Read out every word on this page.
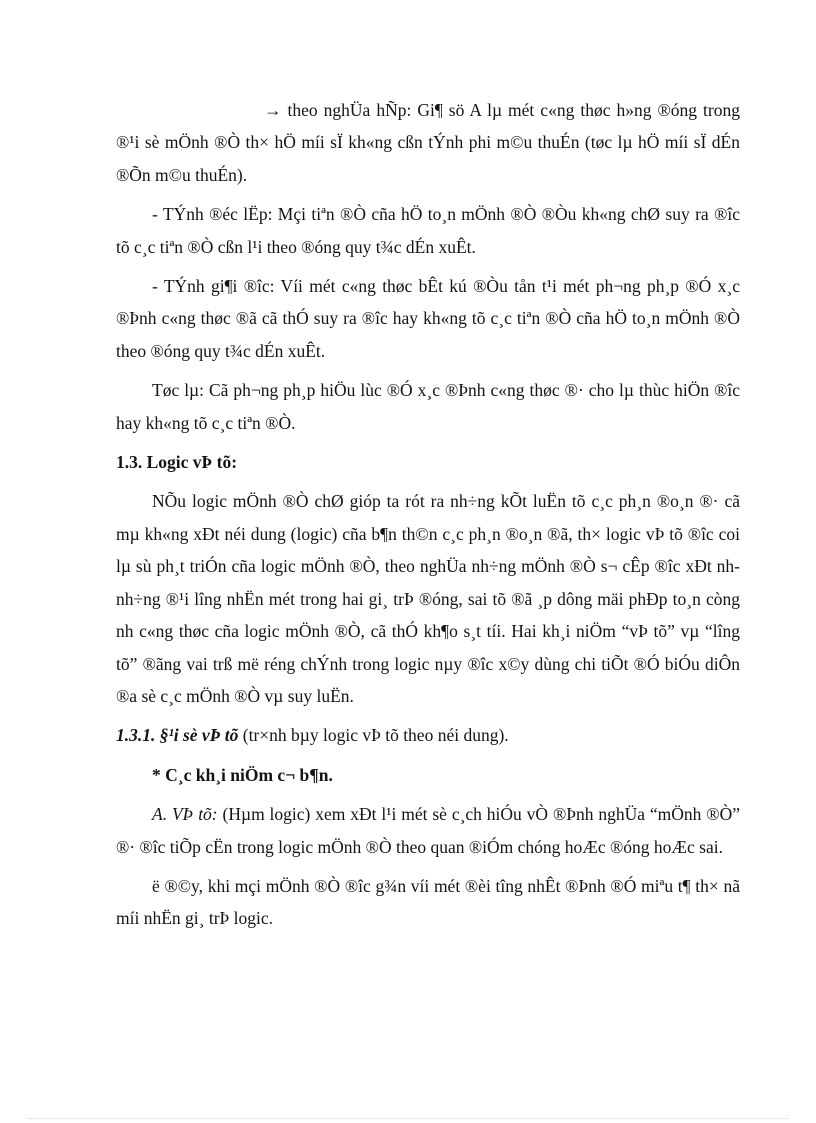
→ theo nghÜa hÑp: Gi¶ sö A lµ mét c«ng thøc h»ng ®óng trong ®¹i sè mÖnh ®Ò th× hÖ míi sÏ kh«ng cßn tÝnh phi m©u thuÉn (tøc lµ hÖ míi sÏ dÉn ®Õn m©u thuÉn).

- TÝnh ®éc lËp: Mçi tiªn ®Ò cña hÖ to¸n mÖnh ®Ò ®Òu kh«ng chØ suy ra ®îc tõ c¸c tiªn ®Ò cßn l¹i theo ®óng quy t¾c dÉn xuÊt.

- TÝnh gi¶i ®îc: Víi mét c«ng thøc bÊt kú ®Òu tån t¹i mét ph¬ng ph¸p ®Ó x¸c ®Þnh c«ng thøc ®ã cã thÓ suy ra ®îc hay kh«ng tõ c¸c tiªn ®Ò cña hÖ to¸n mÖnh ®Ò theo ®óng quy t¾c dÉn xuÊt.

Tøc lµ: Cã ph¬ng ph¸p hiÖu lùc ®Ó x¸c ®Þnh c«ng thøc ®· cho lµ thùc hiÖn ®îc hay kh«ng tõ c¸c tiªn ®Ò.

1.3. Logic vÞ tõ:

NÕu logic mÖnh ®Ò chØ gióp ta rót ra nh÷ng kÕt luËn tõ c¸c ph¸n ®o¸n ®· cã mµ kh«ng xÐt néi dung (logic) cña b¶n th©n c¸c ph¸n ®o¸n ®ã, th× logic vÞ tõ ®îc coi lµ sù ph¸t triÓn cña logic mÖnh ®Ò, theo nghÜa nh÷ng mÖnh ®Ò s¬ cÊp ®îc xÐt nh nh÷ng ®¹i lîng nhËn mét trong hai gi¸ trÞ ®óng, sai tõ ®ã ¸p dông mäi phÐp to¸n còng nh c«ng thøc cña logic mÖnh ®Ò, cã thÓ kh¶o s¸t tíi. Hai kh¸i niÖm “vÞ tõ” vµ “lîng tõ” ®ãng vai trß më réng chÝnh trong logic nµy ®îc x©y dùng chi tiÕt ®Ó biÓu diÔn ®a sè c¸c mÖnh ®Ò vµ suy luËn.

1.3.1. §¹i sè vÞ tõ (tr×nh bµy logic vÞ tõ theo néi dung).

* C¸c kh¸i niÖm c¬ b¶n.

A. VÞ tõ: (Hµm logic) xem xÐt l¹i mét sè c¸ch hiÓu vÒ ®Þnh nghÜa “mÖnh ®Ò” ®· ®îc tiÕp cËn trong logic mÖnh ®Ò theo quan ®iÓm chóng hoÆc ®óng hoÆc sai.

ë ®©y, khi mçi mÖnh ®Ò ®îc g¾n víi mét ®èi tîng nhÊt ®Þnh ®Ó miªu t¶ th× nã míi nhËn gi¸ trÞ logic.
